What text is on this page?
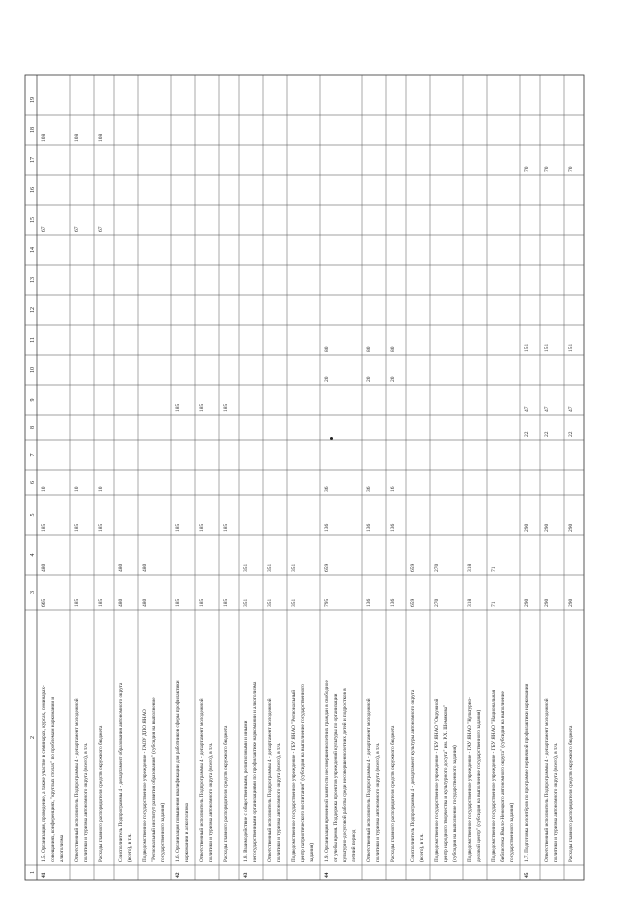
1
2
3
4
5
6
7
8
9
10
11
12
13
14
15
16
17
18
19
41
1.5. Организация, проведение, а также участие в семинарах, курсах, семинарах- совещаниях, конференциях, "круглых столах" по проблемам наркомании и алкоголизма
665
480
185
10
67
108
Ответственный исполнитель Подпрограммы 4 - департамент молодежной политики и туризма автономного округа (всего), в т.ч.
185
185
10
67
108
Расходы главного распорядителя средств окружного бюджета
185
185
10
67
108
Соисполнитель Подпрограммы 4 - департамент образования автономного округа (всего), в т.ч.
480
480
Подведомственное государственное учреждение - ГАОУ ДПО ЯНАО "Региональный институт развития образования" (субсидия на выполнение государственного задания)
480
480
42
1.6. Организация повышения квалификации для работников сферы профилактики наркомании и алкоголизма
185
185
185
Ответственный исполнитель Подпрограммы 4 - департамент молодежной политики и туризма автономного округа (всего), в т.ч.
185
185
185
Расходы главного распорядителя средств окружного бюджета
185
185
185
43
1.8. Взаимодействие с общественными, религиозными и иными негосударственными организациями по профилактике наркомании и алкоголизма
351
351
Ответственный исполнитель Подпрограммы 4 - департамент молодежной политики и туризма автономного округа (всего), в т.ч.
351
351
Подведомственное государственное учреждение - ГБУ ЯНАО "Региональный центр патриотического воспитания" (субсидия на выполнение государственного задания)
351
351
44
1.9. Организация временной занятости несовершеннолетних граждан в свободное от учебы время. Поддержка проектов учреждений культуры по организации культурно-досуговой работы среди несовершеннолетних детей и подростков в летний период
795
659
136
36
20
80
Ответственный исполнитель Подпрограммы 4 - департамент молодежной политики и туризма автономного округа (всего), в т.ч.
136
136
36
20
80
Расходы главного распорядителя средств окружного бюджета
136
136
16
20
80
Соисполнитель Подпрограммы 4 - департамент культуры автономного округа (всего), в т.ч.
659
659
Подведомственное государственное учреждение - ГБУ ЯНАО "Окружной центр народного творчества и культурного досуга" им. Р.Х. Шемякова" (субсидия на выполнение государственного задания)
270
270
Подведомственное государственное учреждение - ГАУ ЯНАО "Культурно- деловой центр" (субсидия на выполнение государственного задания)
318
318
Подведомственное государственное учреждение - ГБУ ЯНАО "Национальная библиотека Ямало-Ненецкого автономного округа" (субсидия на выполнение государственного задания)
71
71
45
1.7. Подготовка волонтёров по программе первичной профилактики наркомании
290
290
22
47
151
70
Ответственный исполнитель Подпрограммы 4 - департамент молодежной политики и туризма автономного округа (всего), в т.ч.
290
290
22
47
151
70
Расходы главного распорядителя средств окружного бюджета
290
290
22
47
151
70
